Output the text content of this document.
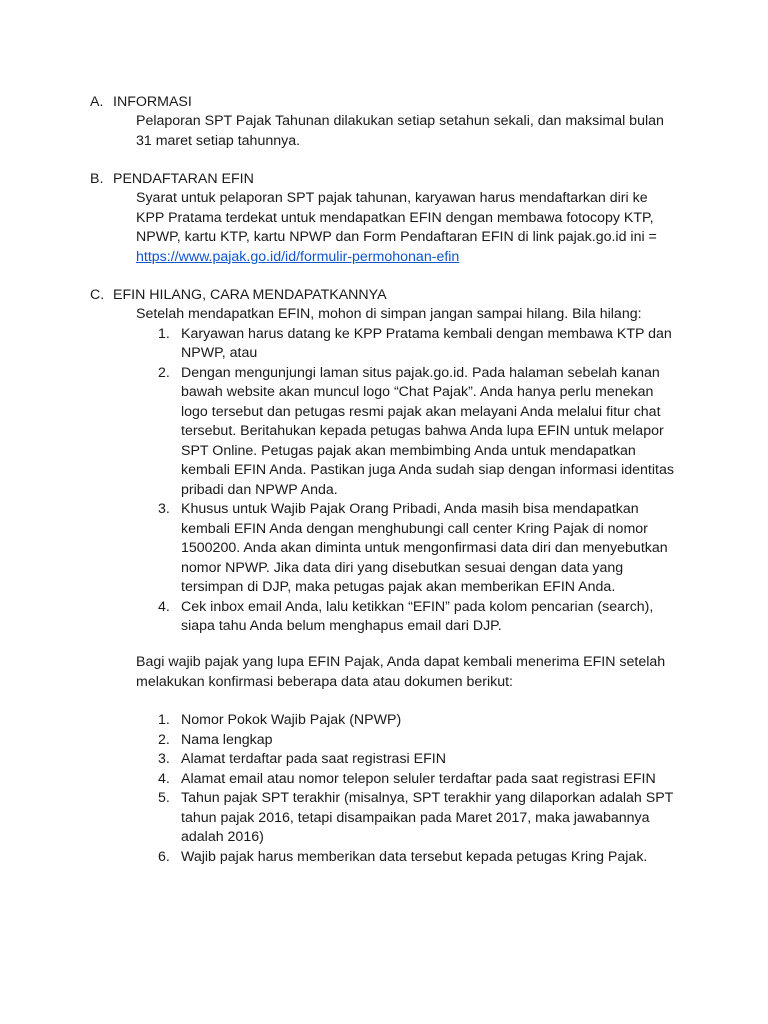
A. INFORMASI
Pelaporan SPT Pajak Tahunan dilakukan setiap setahun sekali, dan maksimal bulan 31 maret setiap tahunnya.
B. PENDAFTARAN EFIN
Syarat untuk pelaporan SPT pajak tahunan, karyawan harus mendaftarkan diri ke KPP Pratama terdekat untuk mendapatkan EFIN dengan membawa fotocopy KTP, NPWP, kartu KTP, kartu NPWP dan Form Pendaftaran EFIN di link pajak.go.id ini =
https://www.pajak.go.id/id/formulir-permohonan-efin
C. EFIN HILANG, CARA MENDAPATKANNYA
Setelah mendapatkan EFIN, mohon di simpan jangan sampai hilang. Bila hilang:
1. Karyawan harus datang ke KPP Pratama kembali dengan membawa KTP dan NPWP, atau
2. Dengan mengunjungi laman situs pajak.go.id. Pada halaman sebelah kanan bawah website akan muncul logo “Chat Pajak”. Anda hanya perlu menekan logo tersebut dan petugas resmi pajak akan melayani Anda melalui fitur chat tersebut. Beritahukan kepada petugas bahwa Anda lupa EFIN untuk melapor SPT Online. Petugas pajak akan membimbing Anda untuk mendapatkan kembali EFIN Anda. Pastikan juga Anda sudah siap dengan informasi identitas pribadi dan NPWP Anda.
3. Khusus untuk Wajib Pajak Orang Pribadi, Anda masih bisa mendapatkan kembali EFIN Anda dengan menghubungi call center Kring Pajak di nomor 1500200. Anda akan diminta untuk mengonfirmasi data diri dan menyebutkan nomor NPWP. Jika data diri yang disebutkan sesuai dengan data yang tersimpan di DJP, maka petugas pajak akan memberikan EFIN Anda.
4. Cek inbox email Anda, lalu ketikkan “EFIN” pada kolom pencarian (search), siapa tahu Anda belum menghapus email dari DJP.
Bagi wajib pajak yang lupa EFIN Pajak, Anda dapat kembali menerima EFIN setelah melakukan konfirmasi beberapa data atau dokumen berikut:
1. Nomor Pokok Wajib Pajak (NPWP)
2. Nama lengkap
3. Alamat terdaftar pada saat registrasi EFIN
4. Alamat email atau nomor telepon seluler terdaftar pada saat registrasi EFIN
5. Tahun pajak SPT terakhir (misalnya, SPT terakhir yang dilaporkan adalah SPT tahun pajak 2016, tetapi disampaikan pada Maret 2017, maka jawabannya adalah 2016)
6. Wajib pajak harus memberikan data tersebut kepada petugas Kring Pajak.
